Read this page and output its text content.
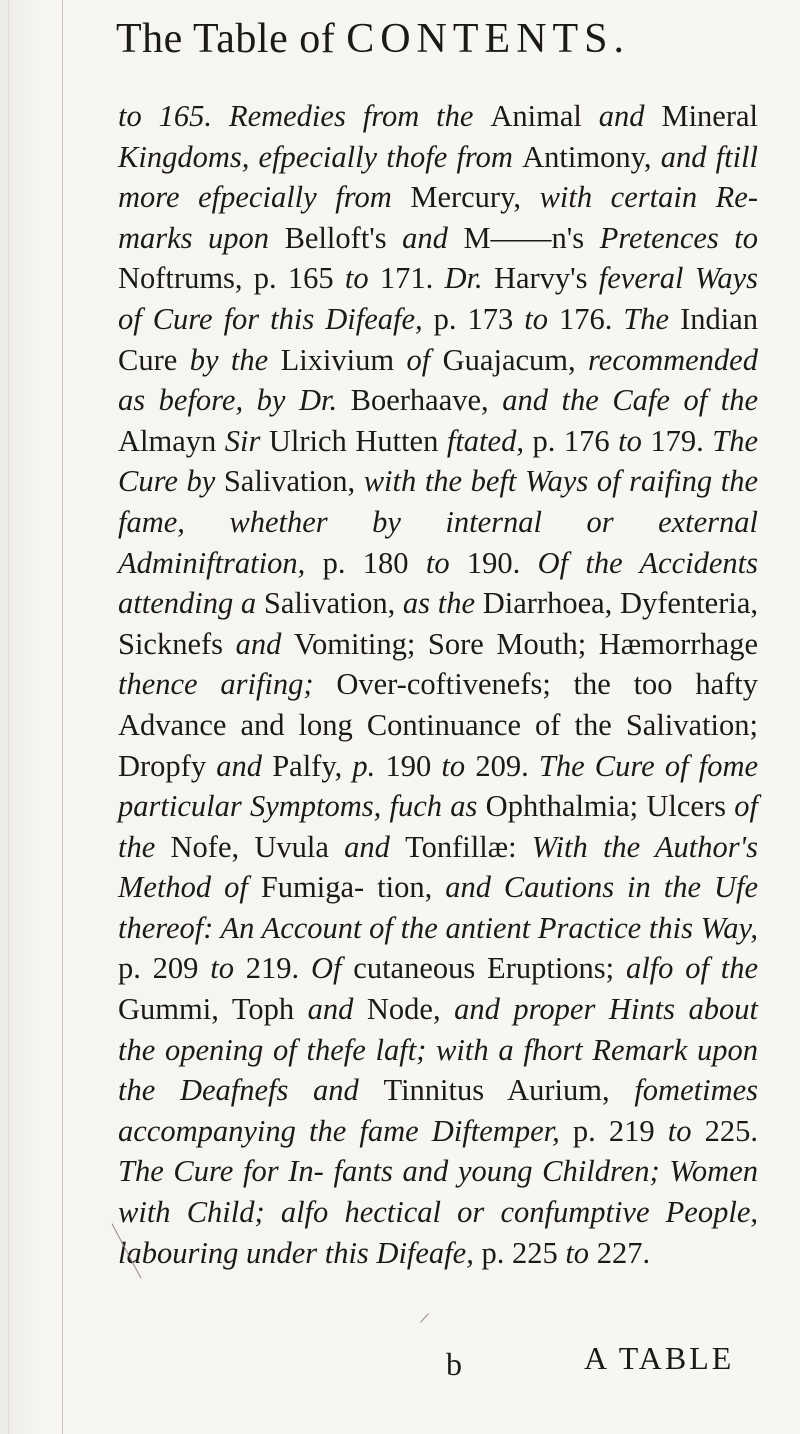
The Table of CONTENTS.
to 165. Remedies from the Animal and Mineral Kingdoms, efpecially thofe from Antimony, and ftill more efpecially from Mercury, with certain Re- marks upon Belloft's and M——n's Pretences to Noftrums, p. 165 to 171. Dr. Harvy's feveral Ways of Cure for this Difeafe, p. 173 to 176. The Indian Cure by the Lixivium of Guajacum, recommended as before, by Dr. Boerhaave, and the Cafe of the Almayn Sir Ulrich Hutten ftated, p. 176 to 179. The Cure by Salivation, with the beft Ways of raifing the fame, whether by internal or external Adminiftration, p. 180 to 190. Of the Accidents attending a Salivation, as the Diarrhoea, Dyfenteria, Sicknefs and Vomiting; Sore Mouth; Hæmorrhage thence arifing; Over-coftivenefs; the too hafty Advance and long Continuance of the Salivation; Dropfy and Palfy, p. 190 to 209. The Cure of fome particular Symptoms, fuch as Ophthalmia; Ulcers of the Nofe, Uvula and Tonfillæ: With the Author's Method of Fumiga- tion, and Cautions in the Ufe thereof: An Account of the antient Practice this Way, p. 209 to 219. Of cutaneous Eruptions; alfo of the Gummi, Toph and Node, and proper Hints about the opening of thefe laft; with a fhort Remark upon the Deafnefs and Tinnitus Aurium, fometimes accompanying the fame Diftemper, p. 219 to 225. The Cure for In- fants and young Children; Women with Child; alfo hectical or confumptive People, labouring under this Difeafe, p. 225 to 227.
b	A TABLE
